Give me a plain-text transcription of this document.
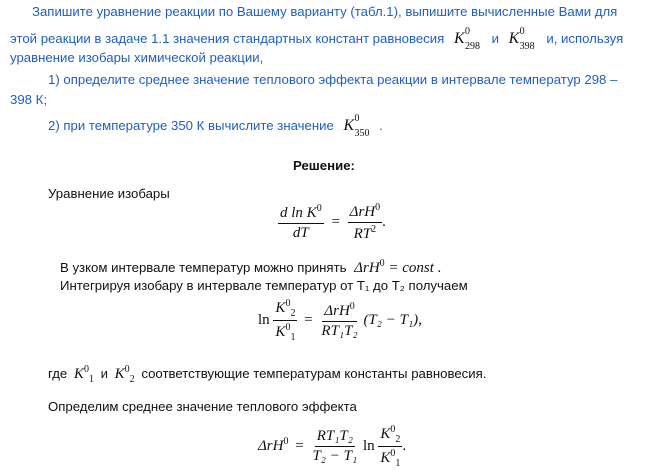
Запишите уравнение реакции по Вашему варианту (табл.1), выпишите вычисленные Вами для
этой реакции в задаче 1.1 значения стандартных констант равновесия K 0
298
и K 0
398
и, используя
уравнение изобары химической реакции,
1) определите среднее значение теплового эффекта реакции в интервале температур 298 –
398 К;
2) при температуре 350 К вычислите значение K 0
350
.
Решение:
Уравнение изобары
$\frac{d \ln K^0}{dT} = \frac{\Delta rH^0}{RT^2}$ .
В узком интервале температур можно принять ΔrH$^0$ = const .
Интегрируя изобару в интервале температур от T₁ до T₂ получаем
$\ln \frac{K^0_2}{K^0_1} = \frac{\Delta rH^0}{\text{RT₁T₂}} (T_2 - T_1)$,
где $K^0_1$ и $K^0_2$ соответствующие температурам константы равновесия.
Определим среднее значение теплового эффекта
$\Delta rH^0 = \frac{\text{RT₁T₂}}{\text{T₂ − T₁}}$ $\ln \frac{K^0_2}{K^0_1}$ .
